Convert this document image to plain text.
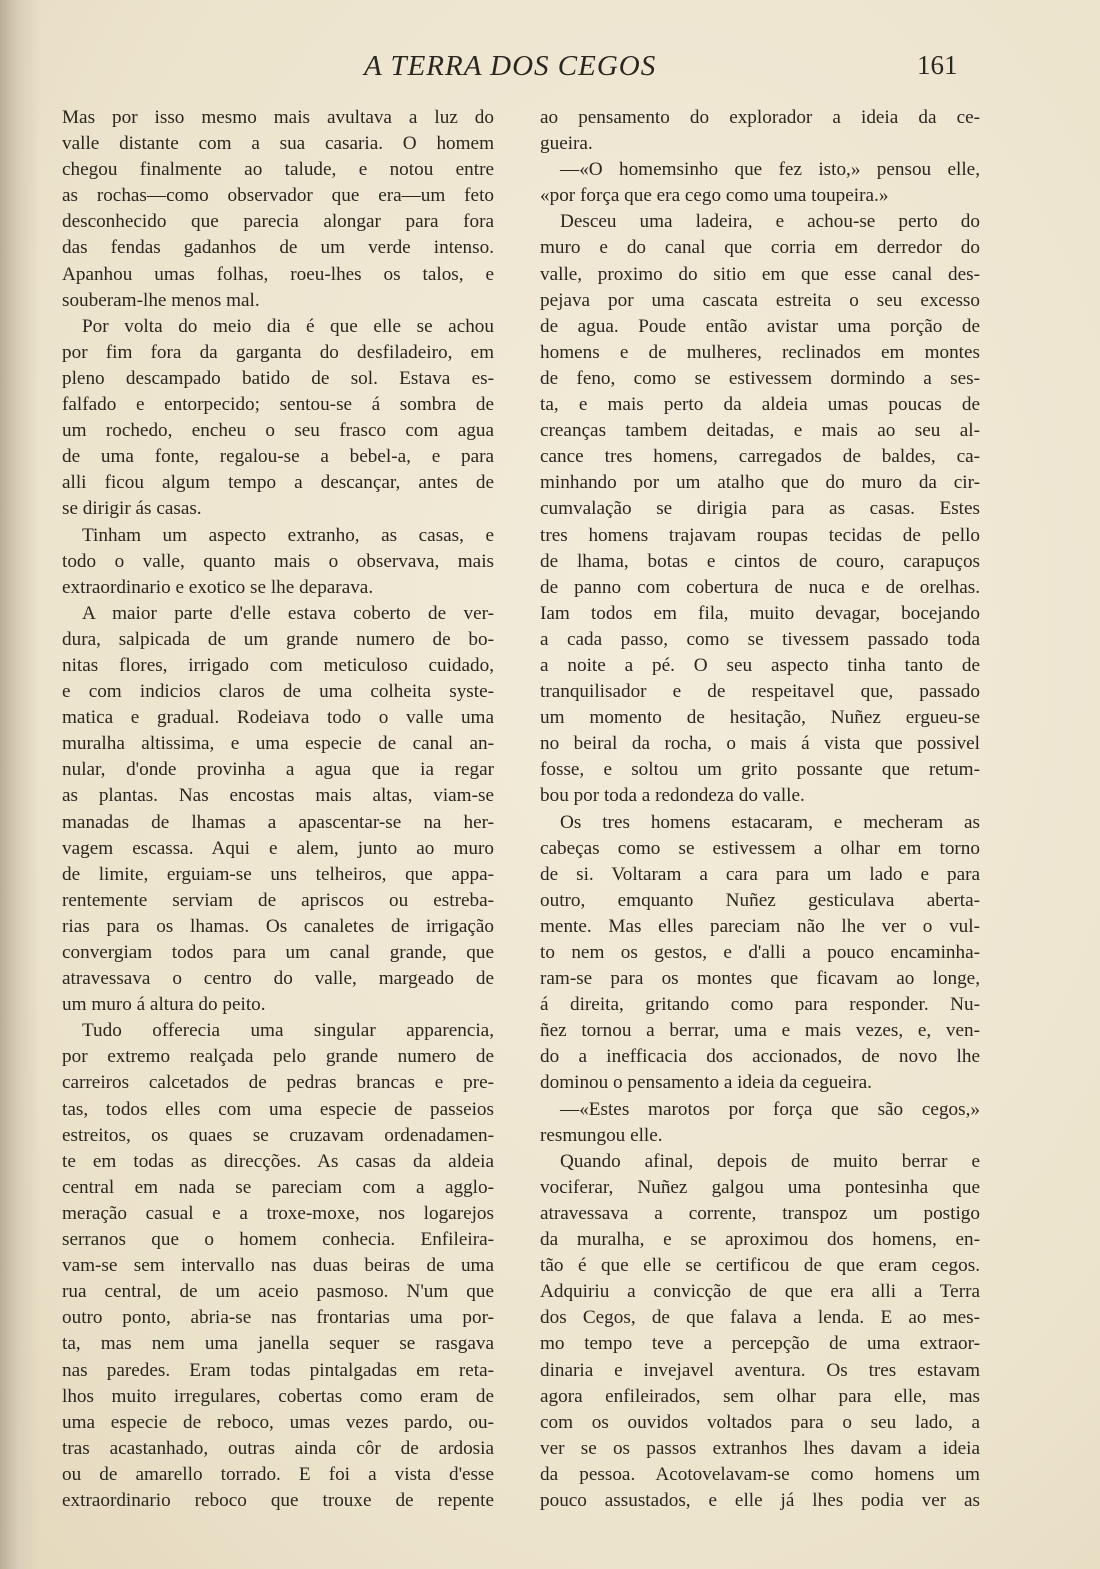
A TERRA DOS CEGOS	161
Mas por isso mesmo mais avultava a luz do
valle distante com a sua casaria. O homem
chegou finalmente ao talude, e notou entre
as rochas—como observador que era—um feto
desconhecido que parecia alongar para fora
das fendas gadanhos de um verde intenso.
Apanhou umas folhas, roeu-lhes os talos, e
souberam-lhe menos mal.
Por volta do meio dia é que elle se achou
por fim fora da garganta do desfiladeiro, em
pleno descampado batido de sol. Estava es-
falfado e entorpecido; sentou-se á sombra de
um rochedo, encheu o seu frasco com agua
de uma fonte, regalou-se a bebel-a, e para
alli ficou algum tempo a descançar, antes de
se dirigir ás casas.
Tinham um aspecto extranho, as casas, e
todo o valle, quanto mais o observava, mais
extraordinario e exotico se lhe deparava.
A maior parte d'elle estava coberto de ver-
dura, salpicada de um grande numero de bo-
nitas flores, irrigado com meticuloso cuidado,
e com indicios claros de uma colheita syste-
matica e gradual. Rodeiava todo o valle uma
muralha altissima, e uma especie de canal an-
nular, d'onde provinha a agua que ia regar
as plantas. Nas encostas mais altas, viam-se
manadas de lhamas a apascentar-se na her-
vagem escassa. Aqui e alem, junto ao muro
de limite, erguiam-se uns telheiros, que appa-
rentemente serviam de apriscos ou estreba-
rias para os lhamas. Os canaletes de irrigação
convergiam todos para um canal grande, que
atravessava o centro do valle, margeado de
um muro á altura do peito.
Tudo offerecia uma singular apparencia,
por extremo realçada pelo grande numero de
carreiros calcetados de pedras brancas e pre-
tas, todos elles com uma especie de passeios
estreitos, os quaes se cruzavam ordenadamen-
te em todas as direcções. As casas da aldeia
central em nada se pareciam com a agglo-
meração casual e a troxe-moxe, nos logarejos
serranos que o homem conhecia. Enfileira-
vam-se sem intervallo nas duas beiras de uma
rua central, de um aceio pasmoso. N'um que
outro ponto, abria-se nas frontarias uma por-
ta, mas nem uma janella sequer se rasgava
nas paredes. Eram todas pintalgadas em reta-
lhos muito irregulares, cobertas como eram de
uma especie de reboco, umas vezes pardo, ou-
tras acastanhado, outras ainda côr de ardosia
ou de amarello torrado. E foi a vista d'esse
extraordinario reboco que trouxe de repente
ao pensamento do explorador a ideia da ce-
gueira.
—«O homemsinho que fez isto,» pensou elle,
«por força que era cego como uma toupeira.»
Desceu uma ladeira, e achou-se perto do
muro e do canal que corria em derredor do
valle, proximo do sitio em que esse canal des-
pejava por uma cascata estreita o seu excesso
de agua. Poude então avistar uma porção de
homens e de mulheres, reclinados em montes
de feno, como se estivessem dormindo a ses-
ta, e mais perto da aldeia umas poucas de
creanças tambem deitadas, e mais ao seu al-
cance tres homens, carregados de baldes, ca-
minhando por um atalho que do muro da cir-
cumvalação se dirigia para as casas. Estes
tres homens trajavam roupas tecidas de pello
de lhama, botas e cintos de couro, carapuços
de panno com cobertura de nuca e de orelhas.
Iam todos em fila, muito devagar, bocejando
a cada passo, como se tivessem passado toda
a noite a pé. O seu aspecto tinha tanto de
tranquilisador e de respeitavel que, passado
um momento de hesitação, Nuñez ergueu-se
no beiral da rocha, o mais á vista que possivel
fosse, e soltou um grito possante que retum-
bou por toda a redondeza do valle.
Os tres homens estacaram, e mecheram as
cabeças como se estivessem a olhar em torno
de si. Voltaram a cara para um lado e para
outro, emquanto Nuñez gesticulava aberta-
mente. Mas elles pareciam não lhe ver o vul-
to nem os gestos, e d'alli a pouco encaminha-
ram-se para os montes que ficavam ao longe,
á direita, gritando como para responder. Nu-
ñez tornou a berrar, uma e mais vezes, e, ven-
do a inefficacia dos accionados, de novo lhe
dominou o pensamento a ideia da cegueira.
—«Estes marotos por força que são cegos,»
resmungou elle.
Quando afinal, depois de muito berrar e
vociferar, Nuñez galgou uma pontesinha que
atravessava a corrente, transpoz um postigo
da muralha, e se aproximou dos homens, en-
tão é que elle se certificou de que eram cegos.
Adquiriu a convicção de que era alli a Terra
dos Cegos, de que falava a lenda. E ao mes-
mo tempo teve a percepção de uma extraor-
dinaria e invejavel aventura. Os tres estavam
agora enfileirados, sem olhar para elle, mas
com os ouvidos voltados para o seu lado, a
ver se os passos extranhos lhes davam a ideia
da pessoa. Acotovelavam-se como homens um
pouco assustados, e elle já lhes podia ver as
